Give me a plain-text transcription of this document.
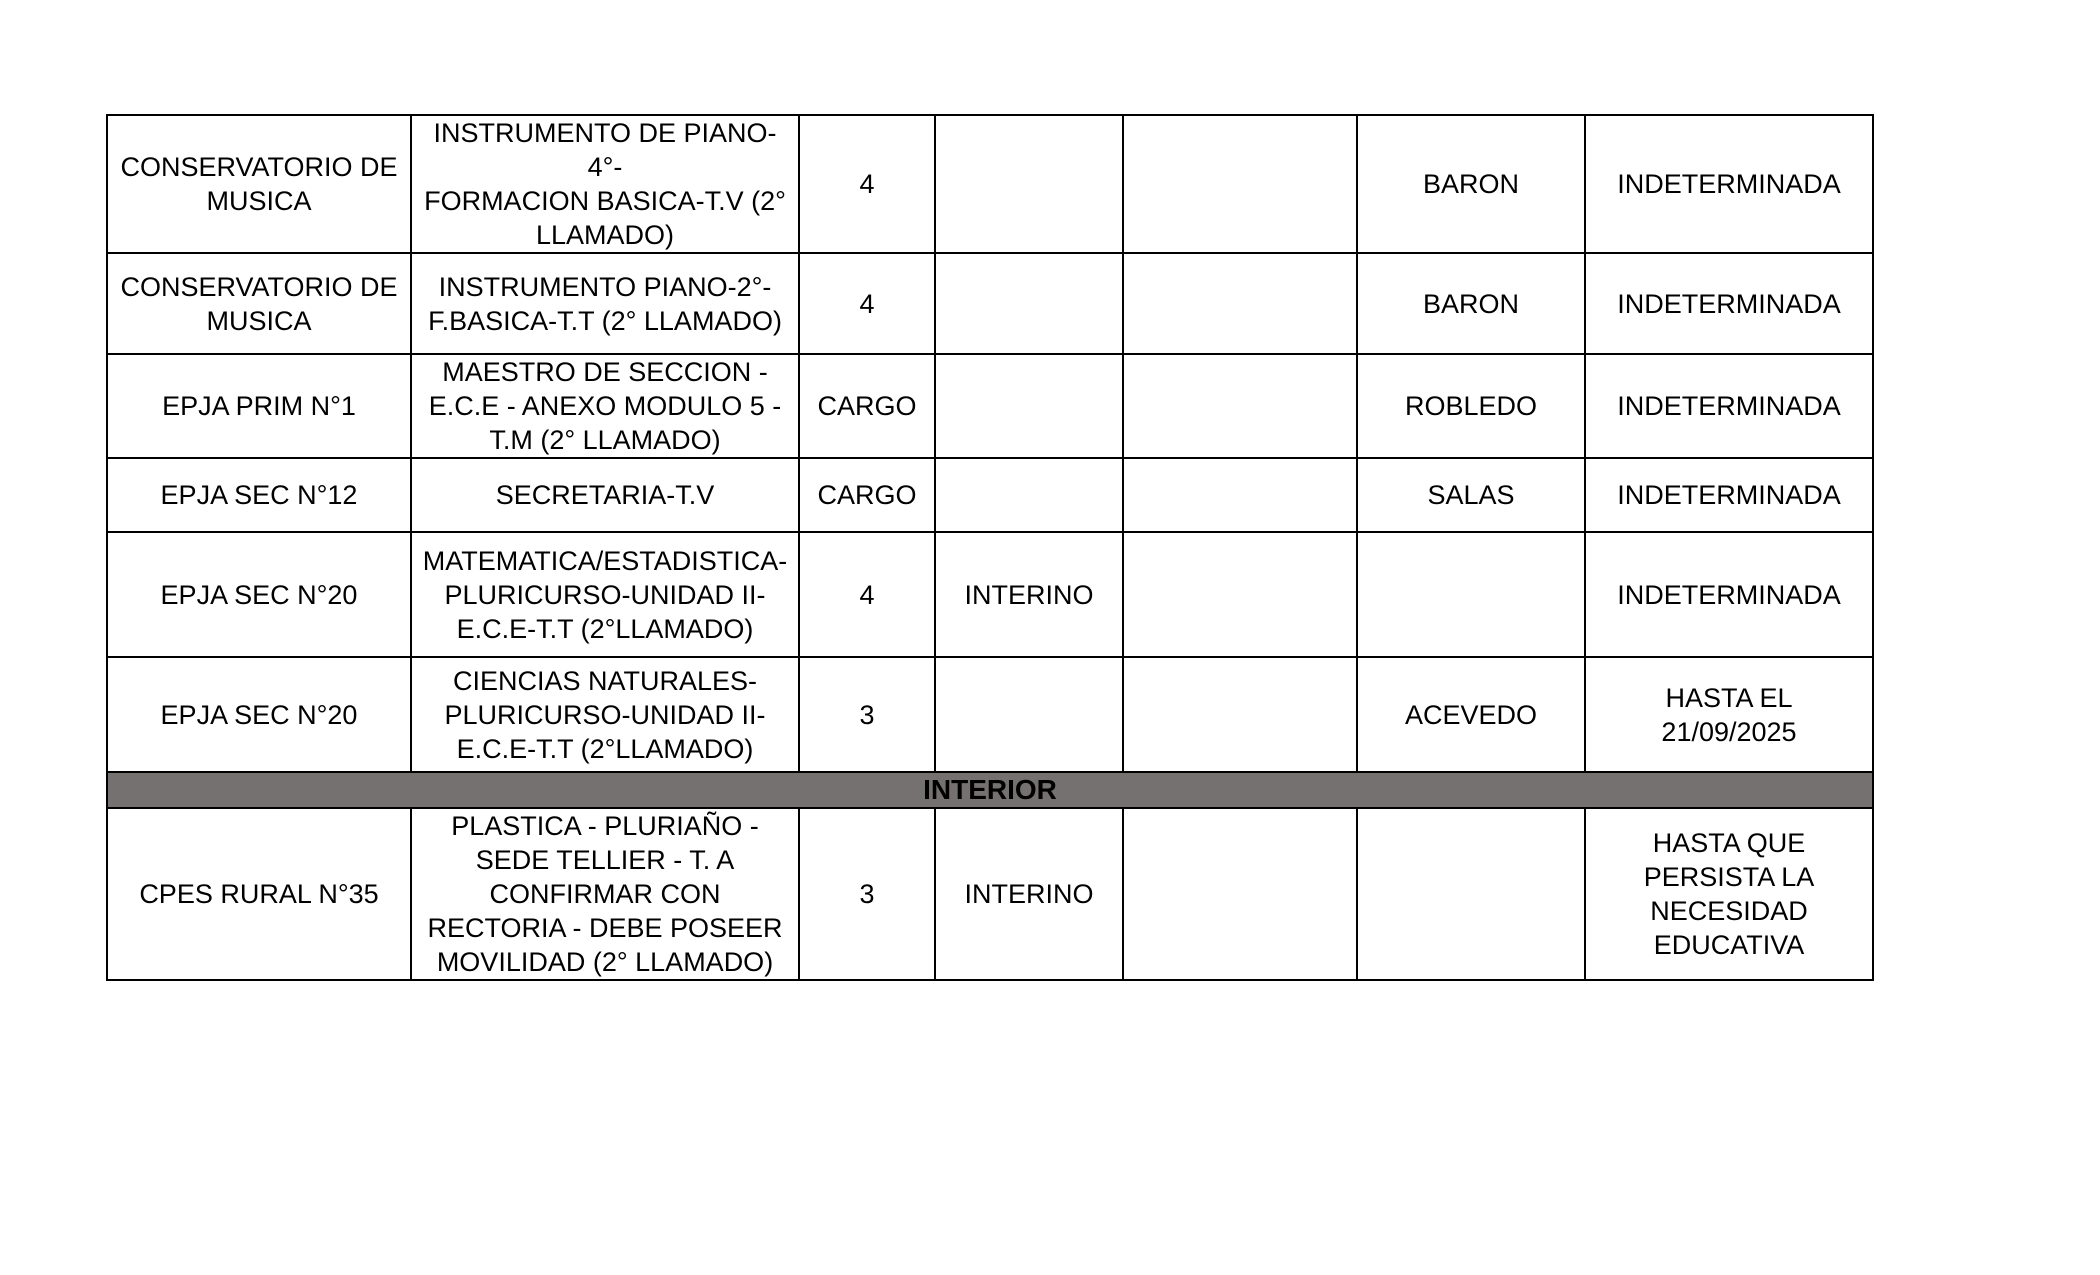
CONSERVATORIO DE
MUSICA	INSTRUMENTO DE PIANO-4°-
FORMACION BASICA-T.V (2°
LLAMADO)	4			BARON	INDETERMINADA
CONSERVATORIO DE
MUSICA	INSTRUMENTO PIANO-2°-
F.BASICA-T.T (2° LLAMADO)	4			BARON	INDETERMINADA
EPJA PRIM N°1	MAESTRO DE SECCION -
E.C.E - ANEXO MODULO 5 -
T.M (2° LLAMADO)	CARGO			ROBLEDO	INDETERMINADA
EPJA SEC N°12	SECRETARIA-T.V	CARGO			SALAS	INDETERMINADA
EPJA SEC N°20	MATEMATICA/ESTADISTICA-
PLURICURSO-UNIDAD II-
E.C.E-T.T (2°LLAMADO)	4	INTERINO			INDETERMINADA
EPJA SEC N°20	CIENCIAS NATURALES-
PLURICURSO-UNIDAD II-
E.C.E-T.T (2°LLAMADO)	3			ACEVEDO	HASTA EL
21/09/2025
INTERIOR						
CPES RURAL N°35	PLASTICA - PLURIAÑO -
SEDE TELLIER - T. A
CONFIRMAR CON
RECTORIA - DEBE POSEER
MOVILIDAD (2° LLAMADO)	3	INTERINO			HASTA QUE
PERSISTA LA
NECESIDAD
EDUCATIVA
